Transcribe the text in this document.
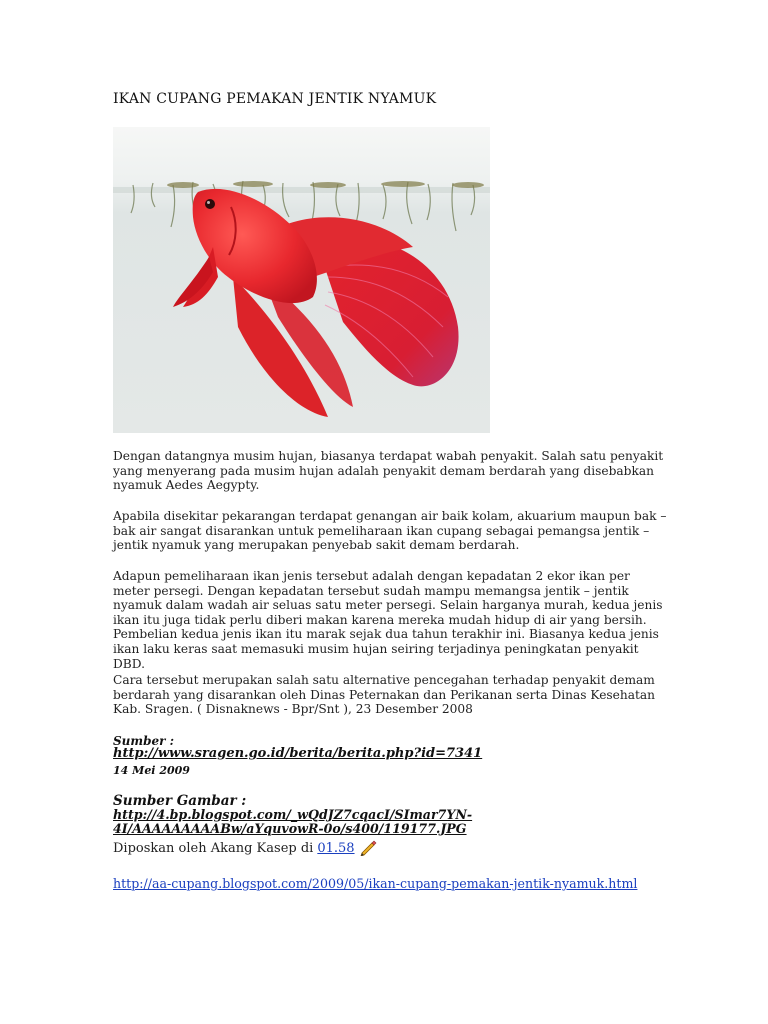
IKAN CUPANG PEMAKAN JENTIK NYAMUK

Dengan datangnya musim hujan, biasanya terdapat wabah penyakit. Salah satu penyakit yang menyerang pada musim hujan adalah penyakit demam berdarah yang disebabkan nyamuk Aedes Aegypty.

Apabila disekitar pekarangan terdapat genangan air baik kolam, akuarium maupun bak – bak air sangat disarankan untuk pemeliharaan ikan cupang sebagai pemangsa jentik – jentik nyamuk yang merupakan penyebab sakit demam berdarah.

Adapun pemeliharaan ikan jenis tersebut adalah dengan kepadatan 2 ekor ikan per meter persegi. Dengan kepadatan tersebut sudah mampu memangsa jentik – jentik nyamuk dalam wadah air seluas satu meter persegi. Selain harganya murah, kedua jenis ikan itu juga tidak perlu diberi makan karena mereka mudah hidup di air yang bersih. Pembelian kedua jenis ikan itu marak sejak dua tahun terakhir ini. Biasanya kedua jenis ikan laku keras saat memasuki musim hujan seiring terjadinya peningkatan penyakit DBD.

Cara tersebut merupakan salah satu alternative pencegahan terhadap penyakit demam berdarah yang disarankan oleh Dinas Peternakan dan Perikanan serta Dinas Kesehatan Kab. Sragen. ( Disnaknews - Bpr/Snt ), 23 Desember 2008

Sumber :
http://www.sragen.go.id/berita/berita.php?id=7341
14 Mei 2009
Sumber Gambar :
http://4.bp.blogspot.com/_wQdJZ7cqacI/SImar7YN-4I/AAAAAAAAABw/aYquvowR-0o/s400/119177.JPG
Diposkan oleh Akang Kasep di 01.58
http://aa-cupang.blogspot.com/2009/05/ikan-cupang-pemakan-jentik-nyamuk.html
